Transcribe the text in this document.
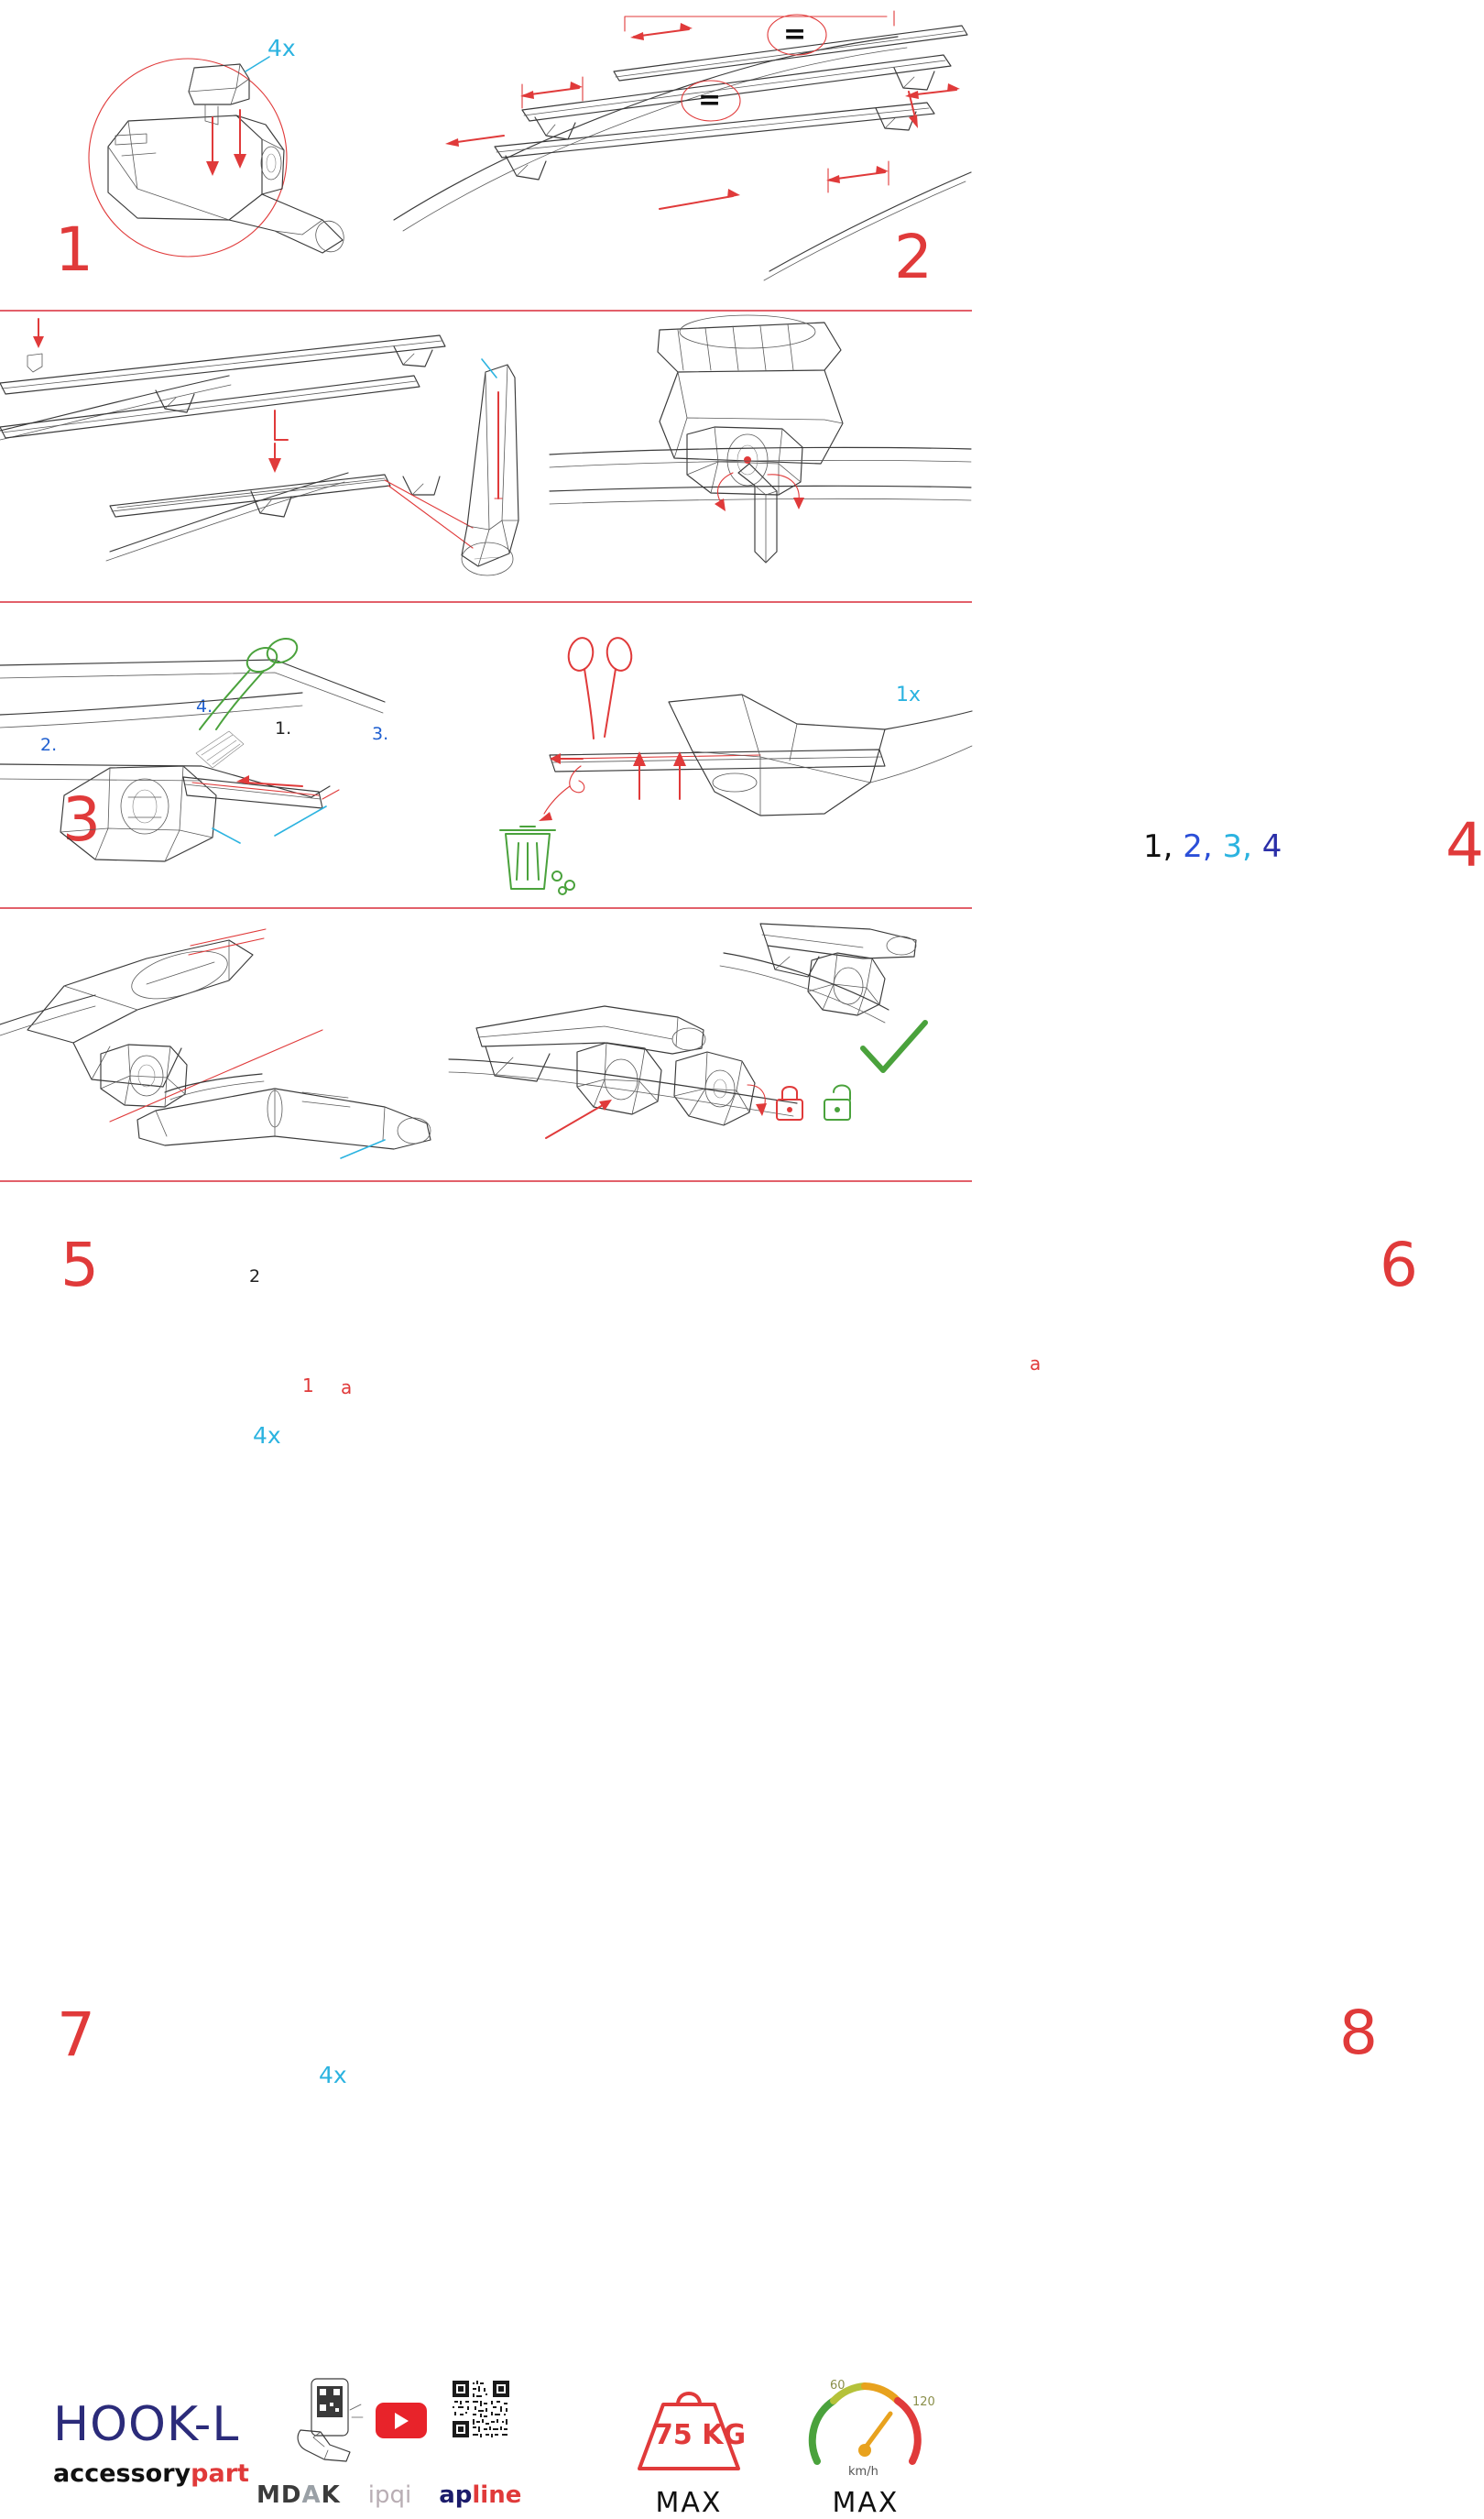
4x
1
=
=
2
1.
2.
3.
4.
3
1x
1, 2, 3, 4	4
2
1 a
4x
5
a
6
4x
7	8
HOOK-L
accessorypart
MDAK ipqi apline
75 KG
MAX
60
120
km/h
MAX
